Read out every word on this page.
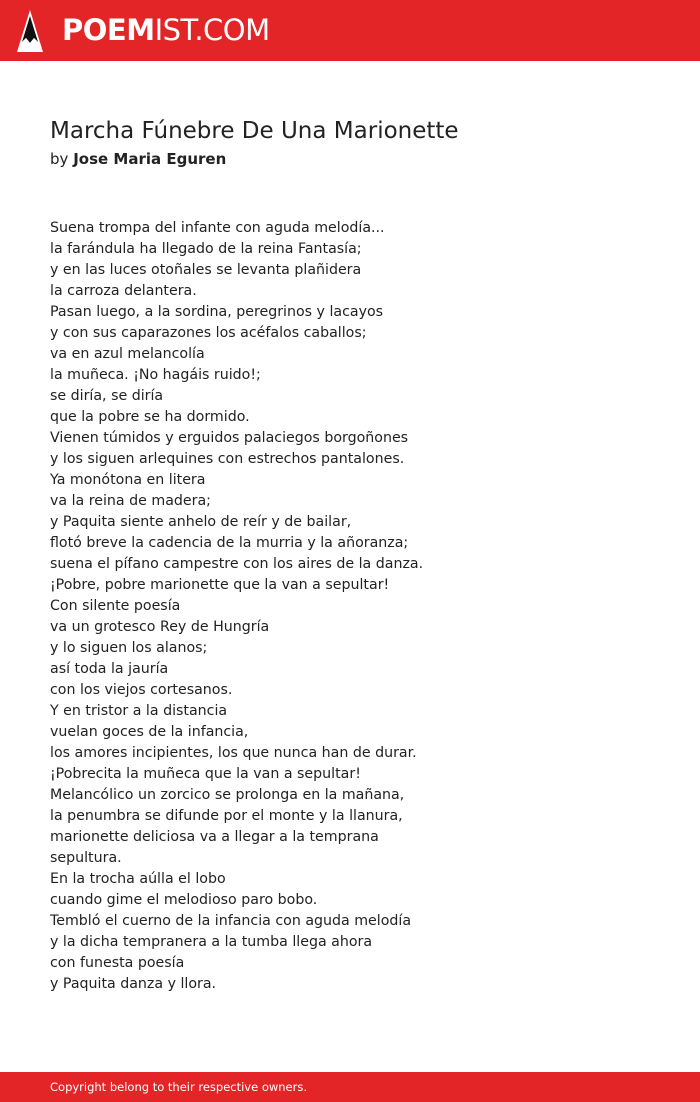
POEMIST.COM
Marcha Fúnebre De Una Marionette
by Jose Maria Eguren
Suena trompa del infante con aguda melodía...
la farándula ha llegado de la reina Fantasía;
y en las luces otoñales se levanta plañidera
la carroza delantera.
Pasan luego, a la sordina, peregrinos y lacayos
y con sus caparazones los acéfalos caballos;
va en azul melancolía
la muñeca. ¡No hagáis ruido!;
se diría, se diría
que la pobre se ha dormido.
Vienen túmidos y erguidos palaciegos borgoñones
y los siguen arlequines con estrechos pantalones.
Ya monótona en litera
va la reina de madera;
y Paquita siente anhelo de reír y de bailar,
flotó breve la cadencia de la murria y la añoranza;
suena el pífano campestre con los aires de la danza.
¡Pobre, pobre marionette que la van a sepultar!
Con silente poesía
va un grotesco Rey de Hungría
y lo siguen los alanos;
así toda la jauría
con los viejos cortesanos.
Y en tristor a la distancia
vuelan goces de la infancia,
los amores incipientes, los que nunca han de durar.
¡Pobrecita la muñeca que la van a sepultar!
Melancólico un zorcico se prolonga en la mañana,
la penumbra se difunde por el monte y la llanura,
marionette deliciosa va a llegar a la temprana
sepultura.
En la trocha aúlla el lobo
cuando gime el melodioso paro bobo.
Tembló el cuerno de la infancia con aguda melodía
y la dicha tempranera a la tumba llega ahora
con funesta poesía
y Paquita danza y llora.
Copyright belong to their respective owners.
